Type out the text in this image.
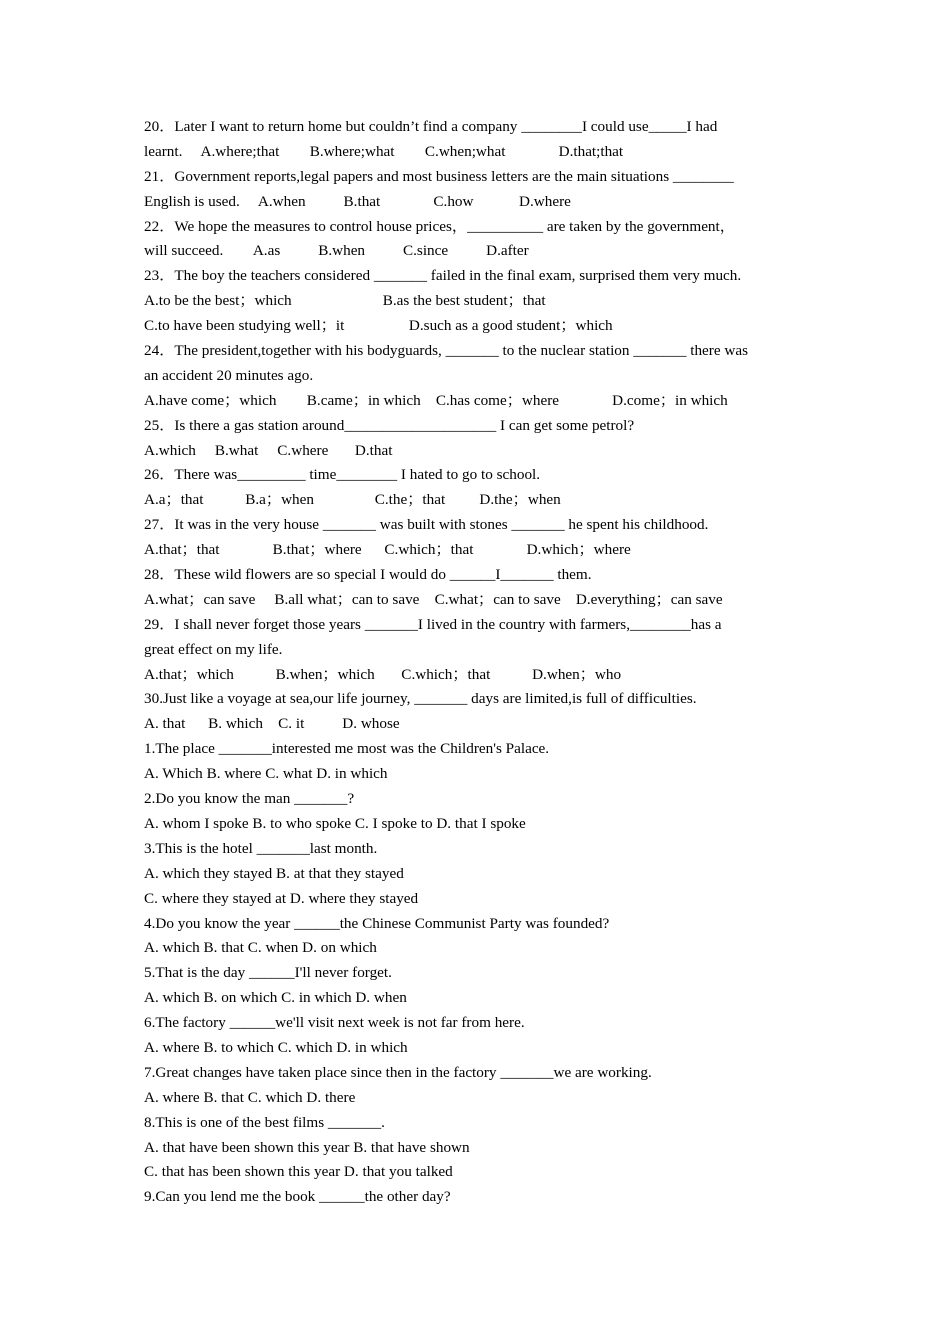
20．Later I want to return home but couldn’t find a company ________I could use_____I had
learnt.     A.where;that        B.where;what        C.when;what              D.that;that
21．Government reports,legal papers and most business letters are the main situations ________
English is used.     A.when          B.that              C.how            D.where
22．We hope the measures to control house prices，__________ are taken by the government，
will succeed.        A.as          B.when          C.since          D.after
23．The boy the teachers considered _______ failed in the final exam, surprised them very much.
A.to be the best；which                        B.as the best student；that
C.to have been studying well；it                 D.such as a good student；which
24．The president,together with his bodyguards, _______ to the nuclear station _______ there was
an accident 20 minutes ago.
A.have come；which        B.came；in which    C.has come；where              D.come；in which
25．Is there a gas station around____________________ I can get some petrol?
A.which     B.what     C.where       D.that
26．There was_________ time________ I hated to go to school.
A.a；that           B.a；when                C.the；that         D.the；when
27．It was in the very house _______ was built with stones _______ he spent his childhood.
A.that；that              B.that；where      C.which；that              D.which；where
28．These wild flowers are so special I would do ______I_______ them.
A.what；can save     B.all what；can to save    C.what；can to save    D.everything；can save
29．I shall never forget those years _______I lived in the country with farmers,________has a
great effect on my life.
A.that；which           B.when；which       C.which；that           D.when；who
30.Just like a voyage at sea,our life journey, _______ days are limited,is full of difficulties.
A. that      B. which    C. it          D. whose
1.The place _______interested me most was the Children's Palace.
A. Which B. where C. what D. in which
2.Do you know the man _______?
A. whom I spoke B. to who spoke C. I spoke to D. that I spoke
3.This is the hotel _______last month.
A. which they stayed B. at that they stayed
C. where they stayed at D. where they stayed
4.Do you know the year ______the Chinese Communist Party was founded?
A. which B. that C. when D. on which
5.That is the day ______I'll never forget.
A. which B. on which C. in which D. when
6.The factory ______we'll visit next week is not far from here.
A. where B. to which C. which D. in which
7.Great changes have taken place since then in the factory _______we are working.
A. where B. that C. which D. there
8.This is one of the best films _______.
A. that have been shown this year B. that have shown
C. that has been shown this year D. that you talked
9.Can you lend me the book ______the other day?
